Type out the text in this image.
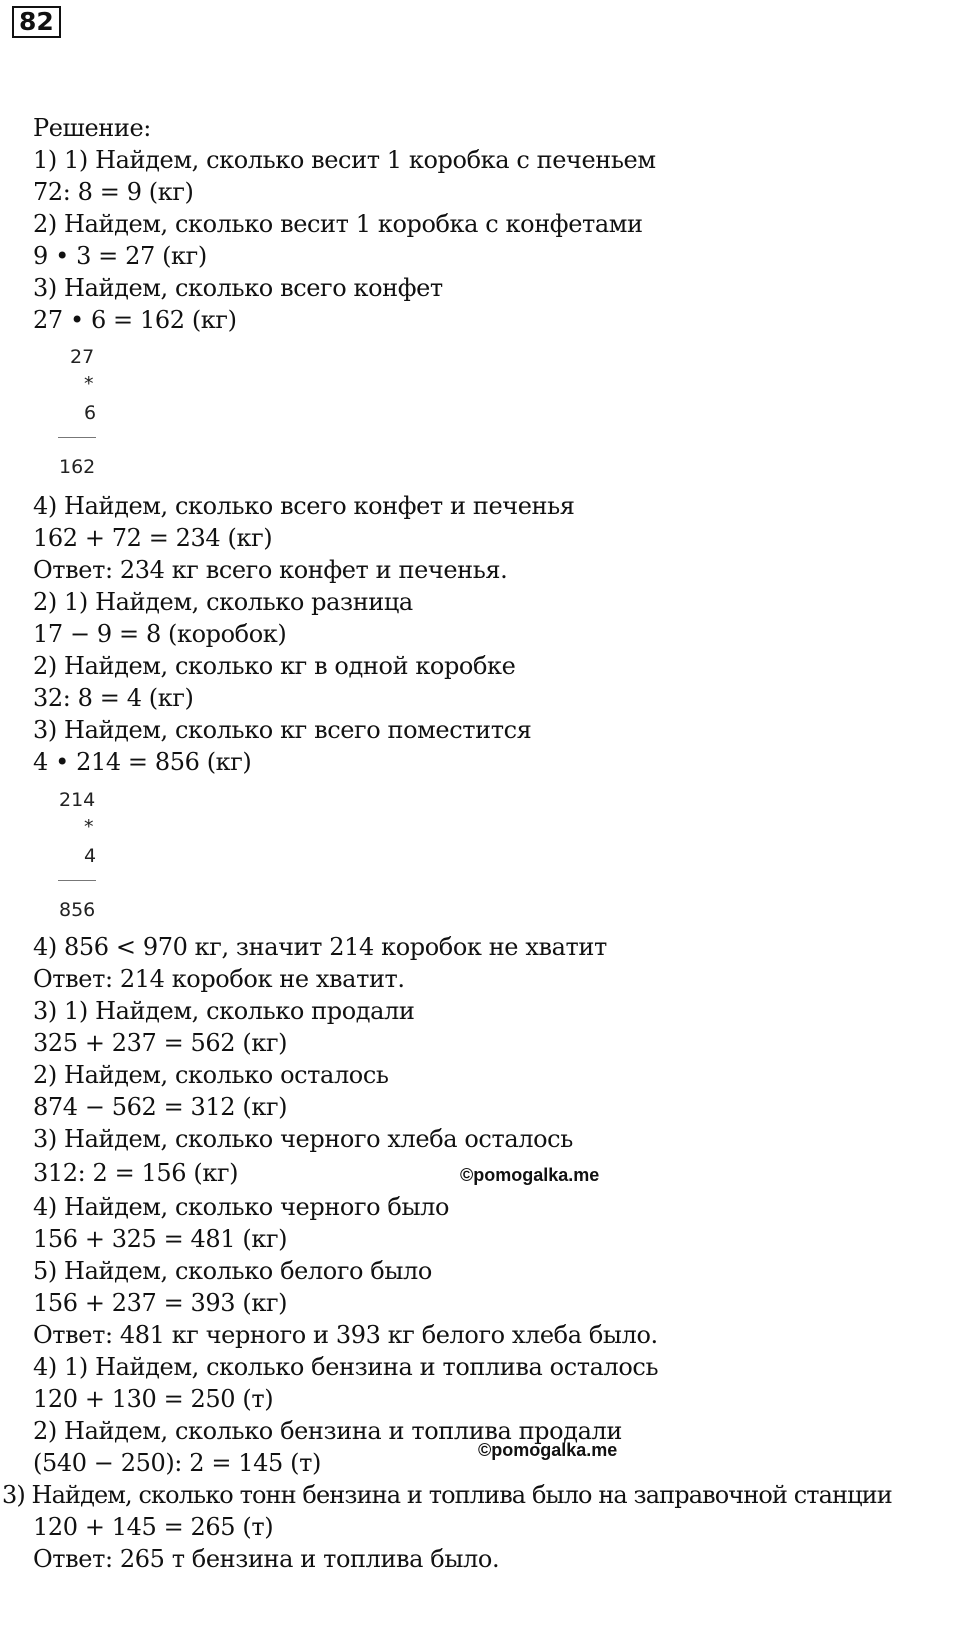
82
Решение:
1) 1) Найдем, сколько весит 1 коробка с печеньем
72: 8 = 9 (кг)
2) Найдем, сколько весит 1 коробка с конфетами
9 • 3 = 27 (кг)
3) Найдем, сколько всего конфет
27 • 6 = 162 (кг)
27
*
6
162
4) Найдем, сколько всего конфет и печенья
162 + 72 = 234 (кг)
Ответ: 234 кг всего конфет и печенья.
2) 1) Найдем, сколько разница
17 − 9 = 8 (коробок)
2) Найдем, сколько кг в одной коробке
32: 8 = 4 (кг)
3) Найдем, сколько кг всего поместится
4 • 214 = 856 (кг)
214
*
4
856
4) 856 < 970 кг, значит 214 коробок не хватит
Ответ: 214 коробок не хватит.
3) 1) Найдем, сколько продали
325 + 237 = 562 (кг)
2) Найдем, сколько осталось
874 − 562 = 312 (кг)
3) Найдем, сколько черного хлеба осталось
312: 2 = 156 (кг)	©pomogalka.me
4) Найдем, сколько черного было
156 + 325 = 481 (кг)
5) Найдем, сколько белого было
156 + 237 = 393 (кг)
Ответ: 481 кг черного и 393 кг белого хлеба было.
4) 1) Найдем, сколько бензина и топлива осталось
120 + 130 = 250 (т)
2) Найдем, сколько бензина и топлива продали
(540 − 250): 2 = 145 (т)	©pomogalka.me
3) Найдем, сколько тонн бензина и топлива было на заправочной станции
120 + 145 = 265 (т)
Ответ: 265 т бензина и топлива было.
